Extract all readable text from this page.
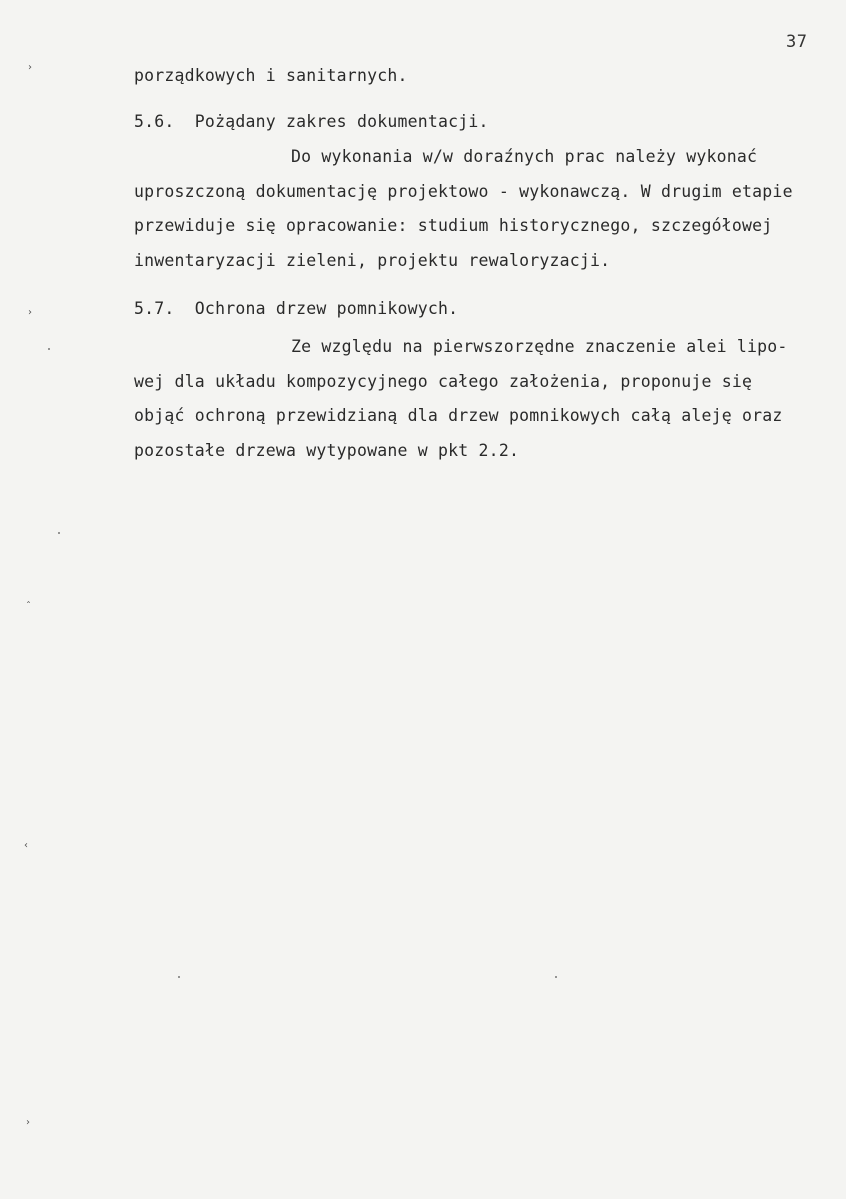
37
porządkowych i sanitarnych.
5.6.  Pożądany zakres dokumentacji.
Do wykonania w/w doraźnych prac należy wykonać
uproszczoną dokumentację projektowo - wykonawczą. W drugim etapie
przewiduje się opracowanie: studium historycznego, szczegółowej
inwentaryzacji zieleni, projektu rewaloryzacji.
5.7.  Ochrona drzew pomnikowych.
Ze względu na pierwszorzędne znaczenie alei lipo-
wej dla układu kompozycyjnego całego założenia, proponuje się
objąć ochroną przewidzianą dla drzew pomnikowych całą aleję oraz
pozostałe drzewa wytypowane w pkt 2.2.
›
›
ˆ
‹
›
